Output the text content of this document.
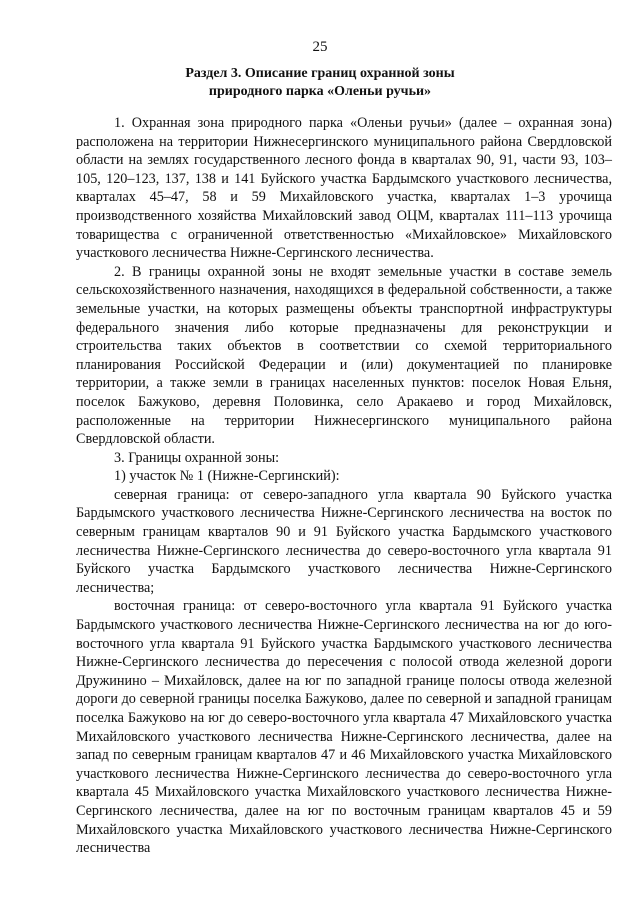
25
Раздел 3. Описание границ охранной зоны
природного парка «Оленьи ручьи»

1. Охранная зона природного парка «Оленьи ручьи» (далее – охранная зона) расположена на территории Нижнесергинского муниципального района Свердловской области на землях государственного лесного фонда в кварталах 90, 91, части 93, 103–105, 120–123, 137, 138 и 141 Буйского участка Бардымского участкового лесничества, кварталах 45–47, 58 и 59 Михайловского участка, кварталах 1–3 урочища производственного хозяйства Михайловский завод ОЦМ, кварталах 111–113 урочища товарищества с ограниченной ответственностью «Михайловское» Михайловского участкового лесничества Нижне-Сергинского лесничества.

2. В границы охранной зоны не входят земельные участки в составе земель сельскохозяйственного назначения, находящихся в федеральной собственности, а также земельные участки, на которых размещены объекты транспортной инфраструктуры федерального значения либо которые предназначены для реконструкции и строительства таких объектов в соответствии со схемой территориального планирования Российской Федерации и (или) документацией по планировке территории, а также земли в границах населенных пунктов: поселок Новая Ельня, поселок Бажуково, деревня Половинка, село Аракаево и город Михайловск, расположенные на территории Нижнесергинского муниципального района Свердловской области.

3. Границы охранной зоны:

1) участок № 1 (Нижне-Сергинский):

северная граница: от северо-западного угла квартала 90 Буйского участка Бардымского участкового лесничества Нижне-Сергинского лесничества на восток по северным границам кварталов 90 и 91 Буйского участка Бардымского участкового лесничества Нижне-Сергинского лесничества до северо-восточного угла квартала 91 Буйского участка Бардымского участкового лесничества Нижне-Сергинского лесничества;

восточная граница: от северо-восточного угла квартала 91 Буйского участка Бардымского участкового лесничества Нижне-Сергинского лесничества на юг до юго-восточного угла квартала 91 Буйского участка Бардымского участкового лесничества Нижне-Сергинского лесничества до пересечения с полосой отвода железной дороги Дружинино – Михайловск, далее на юг по западной границе полосы отвода железной дороги до северной границы поселка Бажуково, далее по северной и западной границам поселка Бажуково на юг до северо-восточного угла квартала 47 Михайловского участка Михайловского участкового лесничества Нижне-Сергинского лесничества, далее на запад по северным границам кварталов 47 и 46 Михайловского участка Михайловского участкового лесничества Нижне-Сергинского лесничества до северо-восточного угла квартала 45 Михайловского участка Михайловского участкового лесничества Нижне-Сергинского лесничества, далее на юг по восточным границам кварталов 45 и 59 Михайловского участка Михайловского участкового лесничества Нижне-Сергинского лесничества
